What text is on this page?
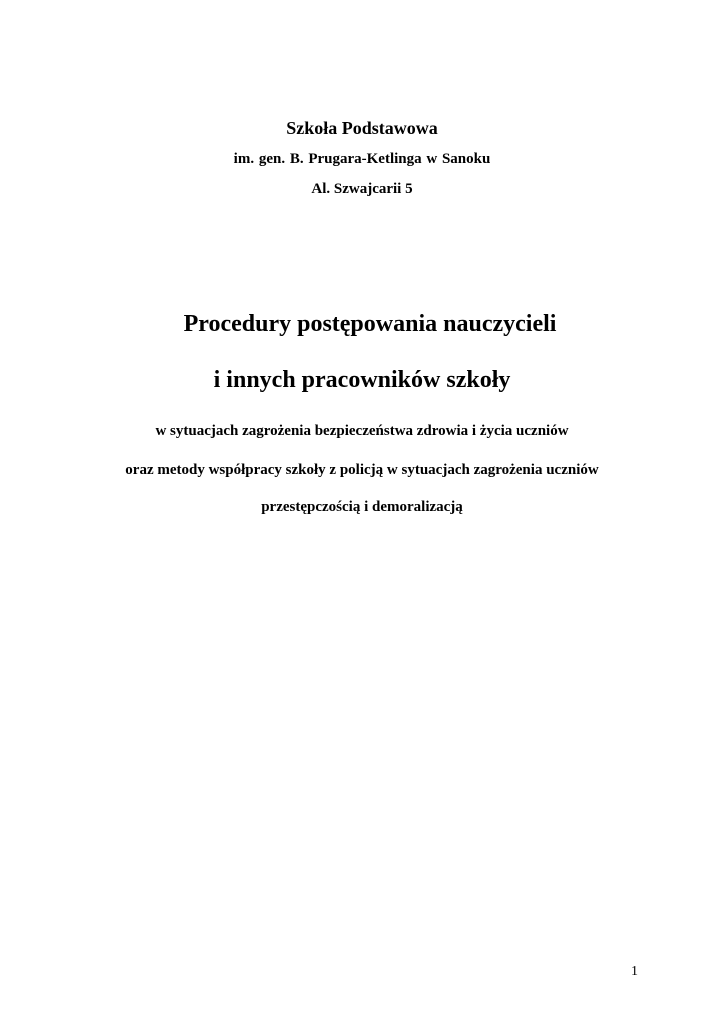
Szkoła Podstawowa
im. gen. B. Prugara-Ketlinga w Sanoku
Al. Szwajcarii 5
Procedury postępowania nauczycieli
i innych pracowników szkoły
w sytuacjach zagrożenia bezpieczeństwa zdrowia i życia uczniów
oraz metody współpracy szkoły z policją w sytuacjach zagrożenia uczniów
przestępczością i demoralizacją
1
